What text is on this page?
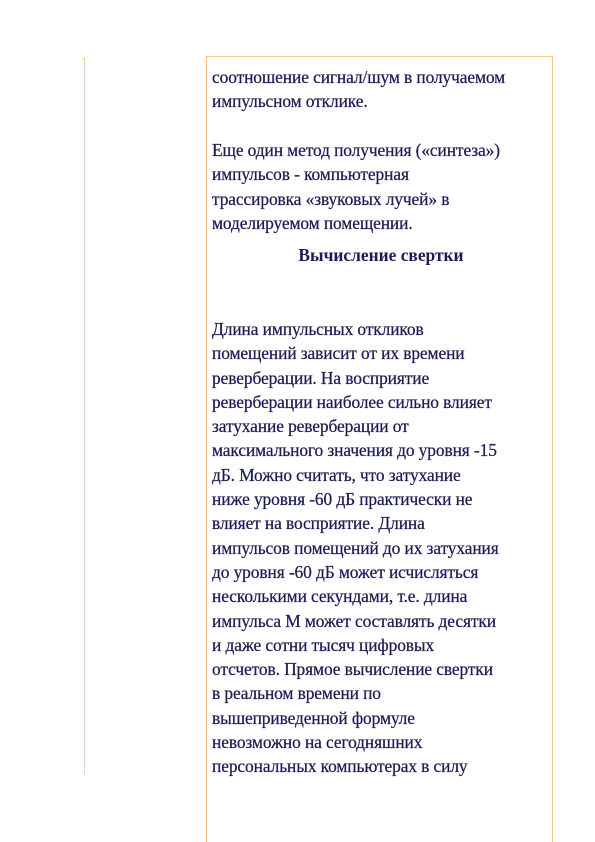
соотношение сигнал/шум в получаемом
импульсном отклике.
Еще один метод получения («синтеза»)
импульсов - компьютерная
трассировка «звуковых лучей» в
моделируемом помещении.
Вычисление свертки
Длина импульсных откликов
помещений зависит от их времени
реверберации. На восприятие
реверберации наиболее сильно влияет
затухание реверберации от
максимального значения до уровня -15
дБ. Можно считать, что затухание
ниже уровня -60 дБ практически не
влияет на восприятие. Длина
импульсов помещений до их затухания
до уровня -60 дБ может исчисляться
несколькими секундами, т.е. длина
импульса М может составлять десятки
и даже сотни тысяч цифровых
отсчетов. Прямое вычисление свертки
в реальном времени по
вышеприведенной формуле
невозможно на сегодняшних
персональных компьютерах в силу
